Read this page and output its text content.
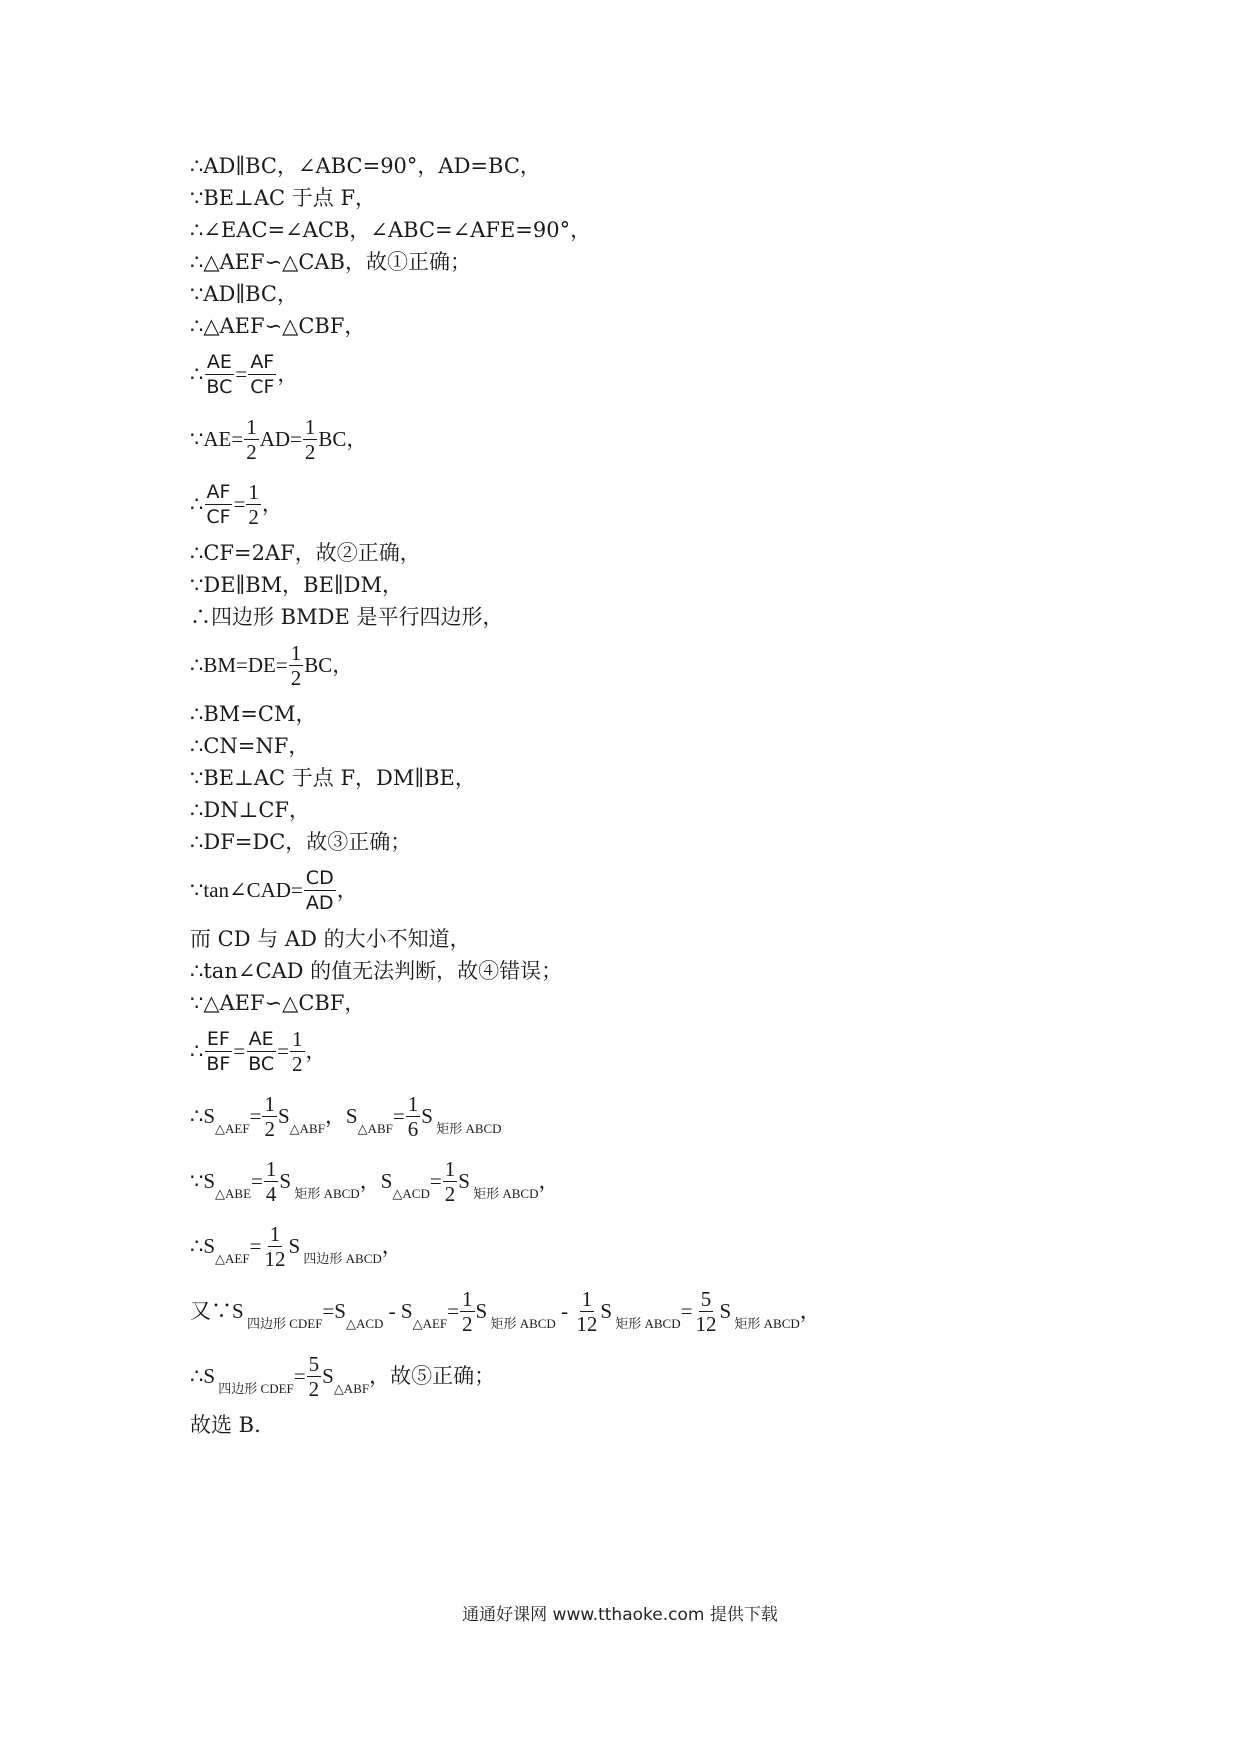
∴AD∥BC，∠ABC=90°，AD=BC，
∵BE⊥AC 于点 F，
∴∠EAC=∠ACB，∠ABC=∠AFE=90°，
∴△AEF∽△CAB，故①正确；
∵AD∥BC，
∴△AEF∽△CBF，
∴ $\frac{AE}{BC} = \frac{AF}{CF}$ ，
∵AE= $\frac{1}{2} AD= \frac{1}{2}$ BC，
∴ $\frac{AF}{CF} = \frac{1}{2}$ ，
∴CF=2AF，故②正确，
∵DE∥BM，BE∥DM，
∴四边形 BMDE 是平行四边形，
∴BM=DE= $\frac{1}{2}$ BC，
∴BM=CM，
∴CN=NF，
∵BE⊥AC 于点 F，DM∥BE，
∴DN⊥CF，
∴DF=DC，故③正确；
∵tan∠CAD= $\frac{CD}{AD}$ ，
而 CD 与 AD 的大小不知道，
∴tan∠CAD 的值无法判断，故④错误；
∵△AEF∽△CBF，
∴ $\frac{EF}{BF} = \frac{AE}{BC} = \frac{1}{2}$ ，
∴S
$_{\triangle AEF}$
= $\frac{1}{2}$ S
$_{\triangle ABF}$
，S
$_{\triangle ABF}$
= $\frac{1}{6}$ S
$_{矩形 ABCD}$
∵S
$_{\triangle ABE}$
= $\frac{1}{4}$ S
$_{矩形 ABCD}$
，S
$_{\triangle ACD}$
= $\frac{1}{2}$ S
$_{矩形 ABCD}$
，
∴S
$_{\triangle AEF}$
= $\frac{1}{12}$ S
$_{四边形 ABCD}$
，
又∵S
$_{四边形 CDEF}$
=S
$_{\triangle ACD}$
- S
$_{\triangle AEF}$
= $\frac{1}{2}$ S
$_{矩形 ABCD}$
- $\frac{1}{12}$ S
$_{矩形 ABCD}$
= $\frac{5}{12}$ S
$_{矩形 ABCD}$
，
∴S
$_{四边形 CDEF}$
= $\frac{5}{2}$ S
$_{\triangle ABF}$
，故⑤正确；
故选 B.
通通好课网 www.tthaoke.com 提供下载
